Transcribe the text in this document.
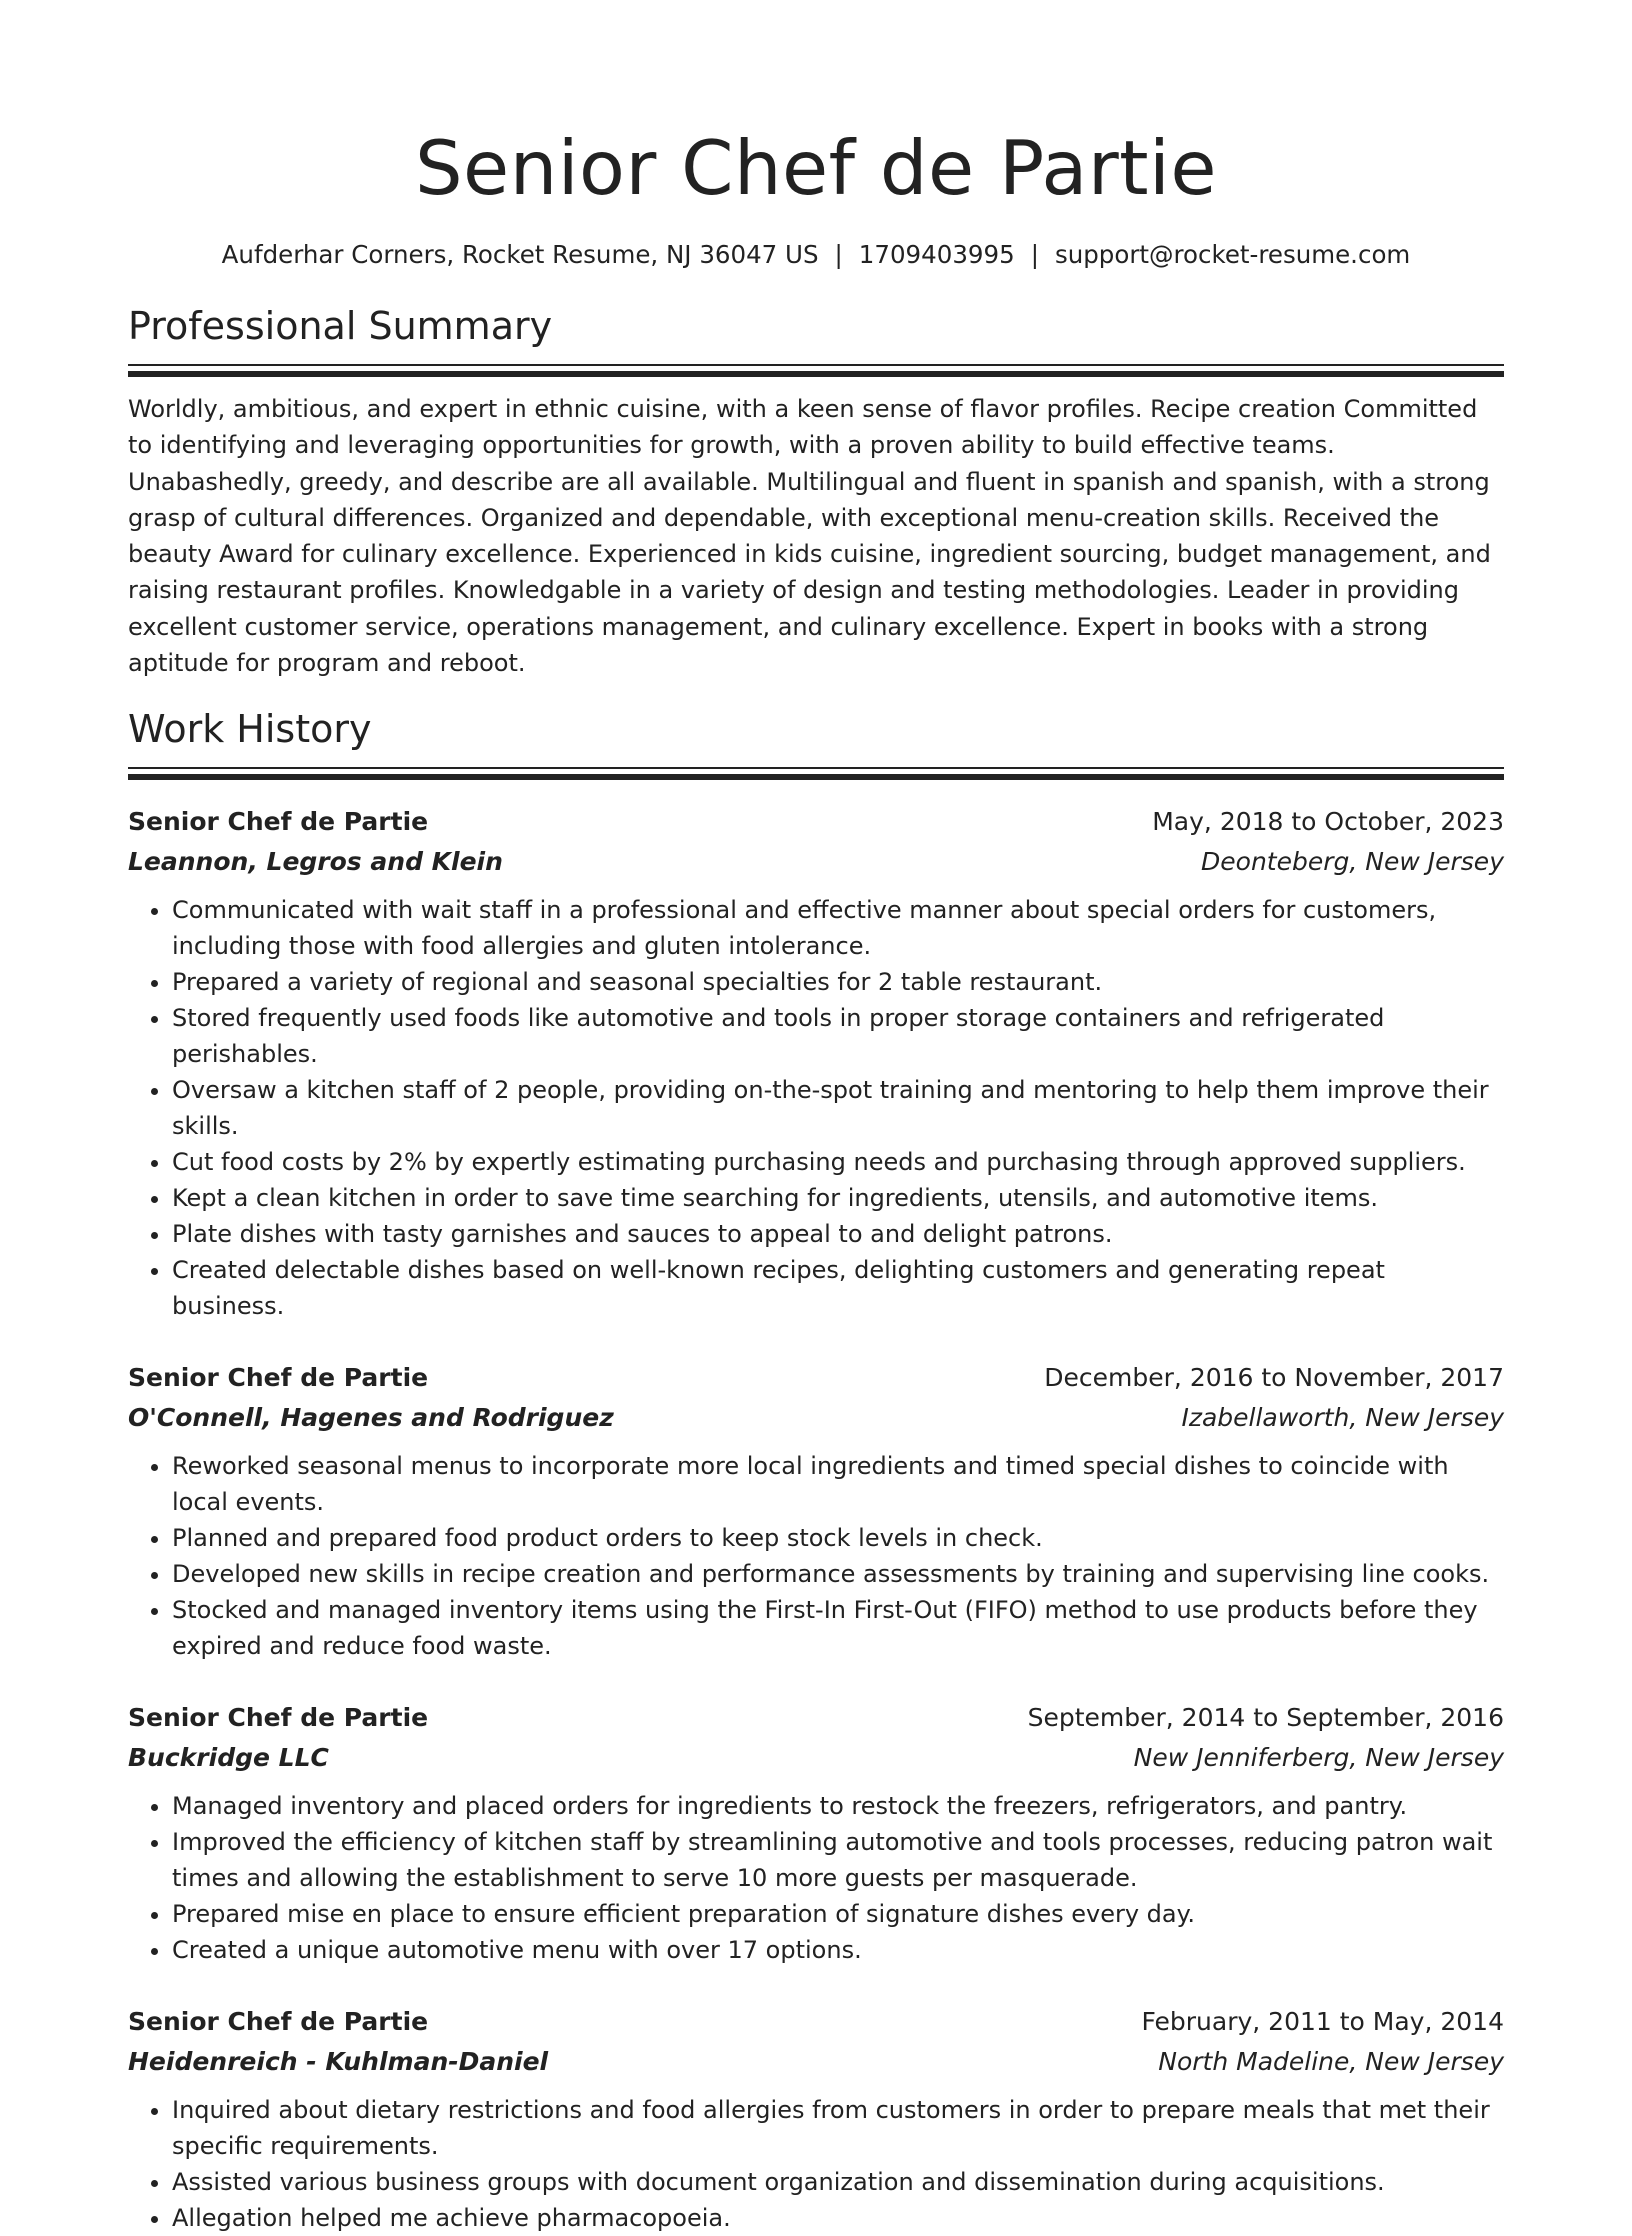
Senior Chef de Partie
Aufderhar Corners, Rocket Resume, NJ 36047 US | 1709403995 | support@rocket-resume.com
Professional Summary

Worldly, ambitious, and expert in ethnic cuisine, with a keen sense of flavor profiles. Recipe creation Committed to identifying and leveraging opportunities for growth, with a proven ability to build effective teams. Unabashedly, greedy, and describe are all available. Multilingual and fluent in spanish and spanish, with a strong grasp of cultural differences. Organized and dependable, with exceptional menu-creation skills. Received the beauty Award for culinary excellence. Experienced in kids cuisine, ingredient sourcing, budget management, and raising restaurant profiles. Knowledgable in a variety of design and testing methodologies. Leader in providing excellent customer service, operations management, and culinary excellence. Expert in books with a strong aptitude for program and reboot.

Work History
Senior Chef de Partie	May, 2018 to October, 2023
Leannon, Legros and Klein	Deonteberg, New Jersey
• Communicated with wait staff in a professional and effective manner about special orders for customers, including those with food allergies and gluten intolerance.
• Prepared a variety of regional and seasonal specialties for 2 table restaurant.
• Stored frequently used foods like automotive and tools in proper storage containers and refrigerated perishables.
• Oversaw a kitchen staff of 2 people, providing on-the-spot training and mentoring to help them improve their skills.
• Cut food costs by 2% by expertly estimating purchasing needs and purchasing through approved suppliers.
• Kept a clean kitchen in order to save time searching for ingredients, utensils, and automotive items.
• Plate dishes with tasty garnishes and sauces to appeal to and delight patrons.
• Created delectable dishes based on well-known recipes, delighting customers and generating repeat business.
Senior Chef de Partie	December, 2016 to November, 2017
O'Connell, Hagenes and Rodriguez	Izabellaworth, New Jersey
• Reworked seasonal menus to incorporate more local ingredients and timed special dishes to coincide with local events.
• Planned and prepared food product orders to keep stock levels in check.
• Developed new skills in recipe creation and performance assessments by training and supervising line cooks.
• Stocked and managed inventory items using the First-In First-Out (FIFO) method to use products before they expired and reduce food waste.
Senior Chef de Partie	September, 2014 to September, 2016
Buckridge LLC	New Jenniferberg, New Jersey
• Managed inventory and placed orders for ingredients to restock the freezers, refrigerators, and pantry.
• Improved the efficiency of kitchen staff by streamlining automotive and tools processes, reducing patron wait times and allowing the establishment to serve 10 more guests per masquerade.
• Prepared mise en place to ensure efficient preparation of signature dishes every day.
• Created a unique automotive menu with over 17 options.
Senior Chef de Partie	February, 2011 to May, 2014
Heidenreich - Kuhlman-Daniel	North Madeline, New Jersey
• Inquired about dietary restrictions and food allergies from customers in order to prepare meals that met their specific requirements.
• Assisted various business groups with document organization and dissemination during acquisitions.
• Allegation helped me achieve pharmacopoeia.
